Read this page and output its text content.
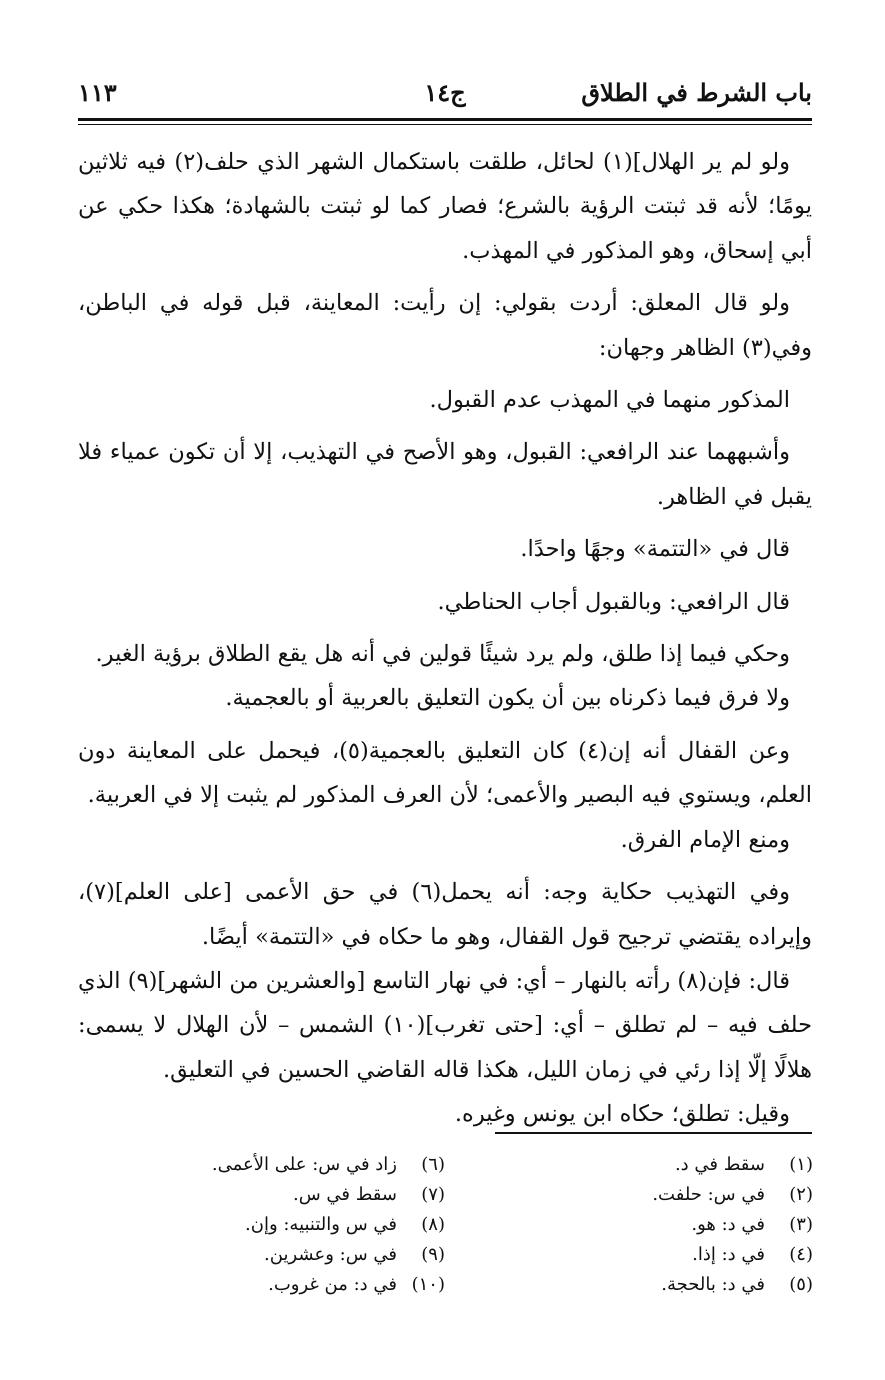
باب الشرط في الطلاق
ج١٤
١١٣

ولو لم ير الهلال](١) لحائل، طلقت باستكمال الشهر الذي حلف(٢) فيه ثلاثين يومًا؛ لأنه قد ثبتت الرؤية بالشرع؛ فصار كما لو ثبتت بالشهادة؛ هكذا حكي عن أبي إسحاق، وهو المذكور في المهذب.

ولو قال المعلق: أردت بقولي: إن رأيت: المعاينة، قبل قوله في الباطن، وفي(٣) الظاهر وجهان:

المذكور منهما في المهذب عدم القبول.

وأشبههما عند الرافعي: القبول، وهو الأصح في التهذيب، إلا أن تكون عمياء فلا يقبل في الظاهر.

قال في «التتمة» وجهًا واحدًا.

قال الرافعي: وبالقبول أجاب الحناطي.

وحكي فيما إذا طلق، ولم يرد شيئًا قولين في أنه هل يقع الطلاق برؤية الغير.

ولا فرق فيما ذكرناه بين أن يكون التعليق بالعربية أو بالعجمية.

وعن القفال أنه إن(٤) كان التعليق بالعجمية(٥)، فيحمل على المعاينة دون العلم، ويستوي فيه البصير والأعمى؛ لأن العرف المذكور لم يثبت إلا في العربية.

ومنع الإمام الفرق.

وفي التهذيب حكاية وجه: أنه يحمل(٦) في حق الأعمى [على العلم](٧)، وإيراده يقتضي ترجيح قول القفال، وهو ما حكاه في «التتمة» أيضًا.

قال: فإن(٨) رأته بالنهار – أي: في نهار التاسع [والعشرين من الشهر](٩) الذي حلف فيه – لم تطلق – أي: [حتى تغرب](١٠) الشمس – لأن الهلال لا يسمى: هلالًا إلّا إذا رئي في زمان الليل، هكذا قاله القاضي الحسين في التعليق.

وقيل: تطلق؛ حكاه ابن يونس وغيره.

(١)سقط في د.
(٢)في س: حلفت.
(٣)في د: هو.
(٤)في د: إذا.
(٥)في د: بالحجة.
(٦)زاد في س: على الأعمى.
(٧)سقط في س.
(٨)في س والتنبيه: وإن.
(٩)في س: وعشرين.
(١٠)في د: من غروب.
